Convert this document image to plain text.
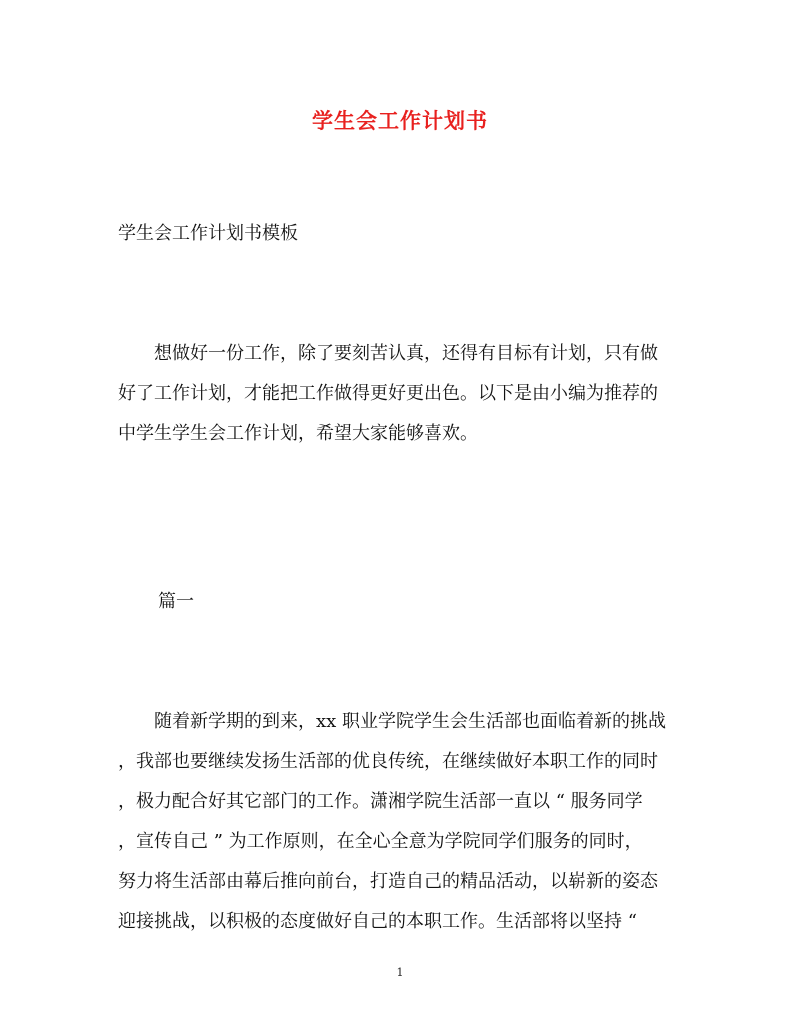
学生会工作计划书
学生会工作计划书模板
　　想做好一份工作，除了要刻苦认真，还得有目标有计划，只有做
好了工作计划，才能把工作做得更好更出色。以下是由小编为推荐的
中学生学生会工作计划，希望大家能够喜欢。
篇一
　　随着新学期的到来，xx 职业学院学生会生活部也面临着新的挑战
，我部也要继续发扬生活部的优良传统，在继续做好本职工作的同时
，极力配合好其它部门的工作。潇湘学院生活部一直以 “ 服务同学
，宣传自己 ” 为工作原则，在全心全意为学院同学们服务的同时，
努力将生活部由幕后推向前台，打造自己的精品活动，以崭新的姿态
迎接挑战，以积极的态度做好自己的本职工作。生活部将以坚持 “
1
